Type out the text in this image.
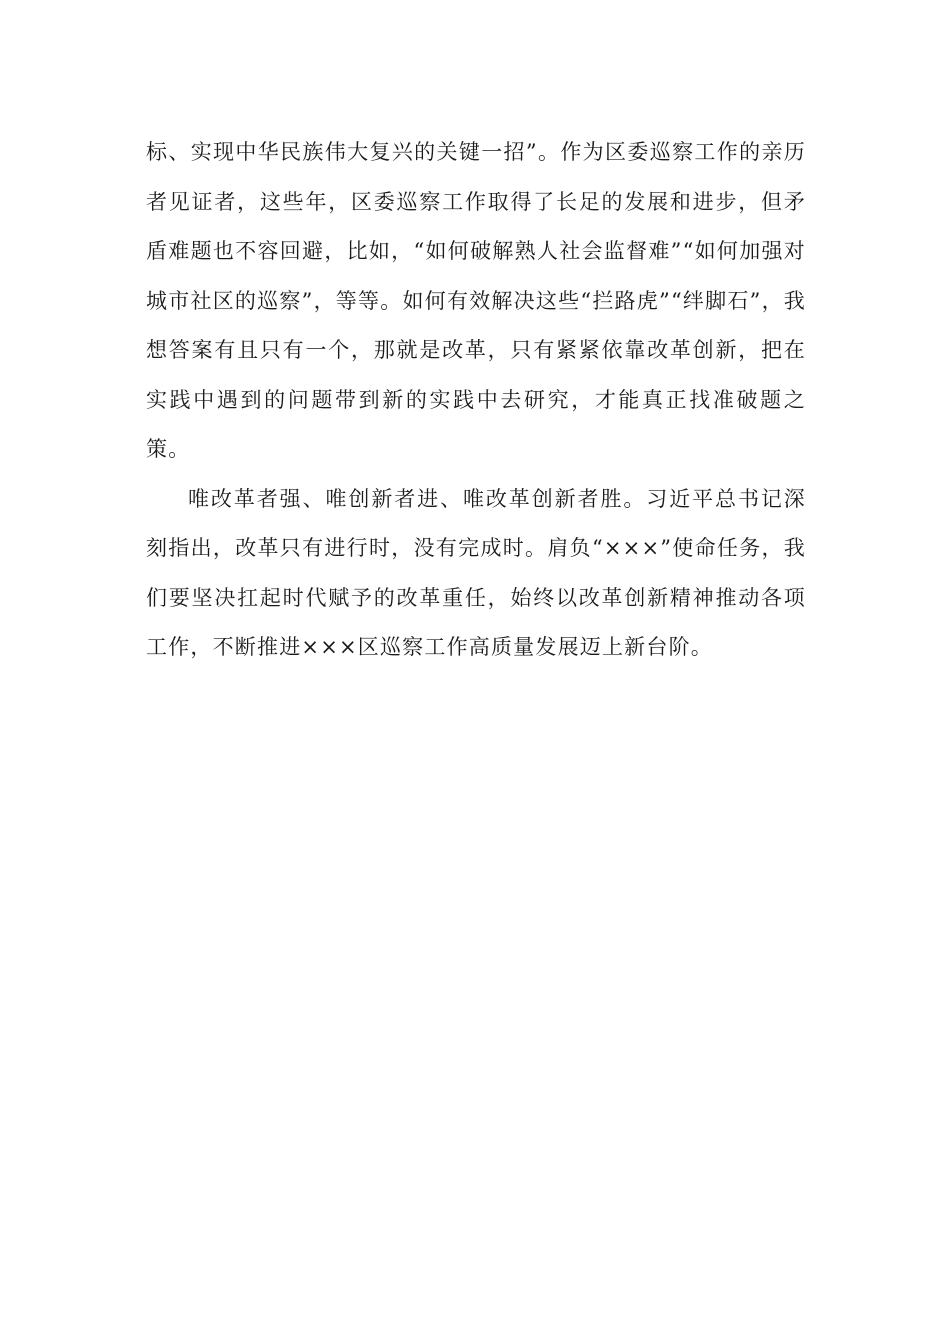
标、实现中华民族伟大复兴的关键一招”。作为区委巡察工作的亲历者见证者，这些年，区委巡察工作取得了长足的发展和进步，但矛盾难题也不容回避，比如，“如何破解熟人社会监督难”“如何加强对城市社区的巡察”，等等。如何有效解决这些“拦路虎”“绊脚石”，我想答案有且只有一个，那就是改革，只有紧紧依靠改革创新，把在实践中遇到的问题带到新的实践中去研究，才能真正找准破题之策。

唯改革者强、唯创新者进、唯改革创新者胜。习近平总书记深刻指出，改革只有进行时，没有完成时。肩负“×××”使命任务，我们要坚决扛起时代赋予的改革重任，始终以改革创新精神推动各项工作，不断推进×××区巡察工作高质量发展迈上新台阶。
